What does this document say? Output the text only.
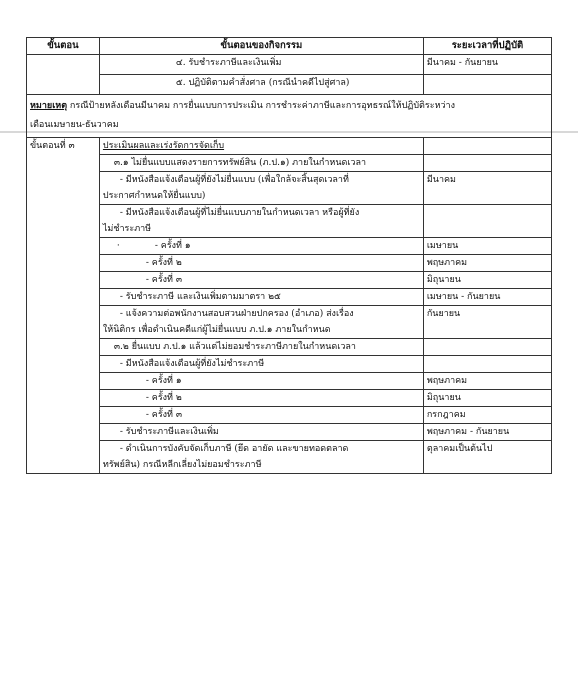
ขั้นตอน	ขั้นตอนของกิจกรรม	ระยะเวลาที่ปฏิบัติ
	๔. รับชำระภาษีและเงินเพิ่ม	มีนาคม - กันยายน
	๕. ปฏิบัติตามคำสั่งศาล (กรณีนำคดีไปสู่ศาล)	
หมายเหตุ กรณีป้ายหลังเดือนมีนาคม การยื่นแบบการประเมิน การชำระค่าภาษีและการอุทธรณ์ให้ปฏิบัติระหว่าง
เดือนเมษายน-ธันวาคม		
ขั้นตอนที่ ๓	ประเมินผลและเร่งรัดการจัดเก็บ	
	๓.๑ ไม่ยื่นแบบแสดงรายการทรัพย์สิน (ภ.ป.๑) ภายในกำหนดเวลา	
	- มีหนังสือแจ้งเตือนผู้ที่ยังไม่ยื่นแบบ (เพื่อใกล้จะสิ้นสุดเวลาที่
ประกาศกำหนดให้ยื่นแบบ)	มีนาคม
	- มีหนังสือแจ้งเตือนผู้ที่ไม่ยื่นแบบภายในกำหนดเวลา หรือผู้ที่ยัง
ไม่ชำระภาษี	
	· - ครั้งที่ ๑	เมษายน
	- ครั้งที่ ๒	พฤษภาคม
	- ครั้งที่ ๓	มิถุนายน
	- รับชำระภาษี และเงินเพิ่มตามมาตรา ๒๕	เมษายน - กันยายน
	- แจ้งความต่อพนักงานสอบสวนฝ่ายปกครอง (อำเภอ) ส่งเรื่อง
ให้นิติกร เพื่อดำเนินคดีแก่ผู้ไม่ยื่นแบบ ภ.ป.๑ ภายในกำหนด	กันยายน
	๓.๒ ยื่นแบบ ภ.ป.๑ แล้วแต่ไม่ยอมชำระภาษีภายในกำหนดเวลา	
	- มีหนังสือแจ้งเตือนผู้ที่ยังไม่ชำระภาษี	
	- ครั้งที่ ๑	พฤษภาคม
	- ครั้งที่ ๒	มิถุนายน
	- ครั้งที่ ๓	กรกฎาคม
	- รับชำระภาษีและเงินเพิ่ม	พฤษภาคม - กันยายน
	- ดำเนินการบังคับจัดเก็บภาษี (ยึด อายัด และขายทอดตลาด
ทรัพย์สิน) กรณีหลีกเลี่ยงไม่ยอมชำระภาษี	ตุลาคมเป็นต้นไป
